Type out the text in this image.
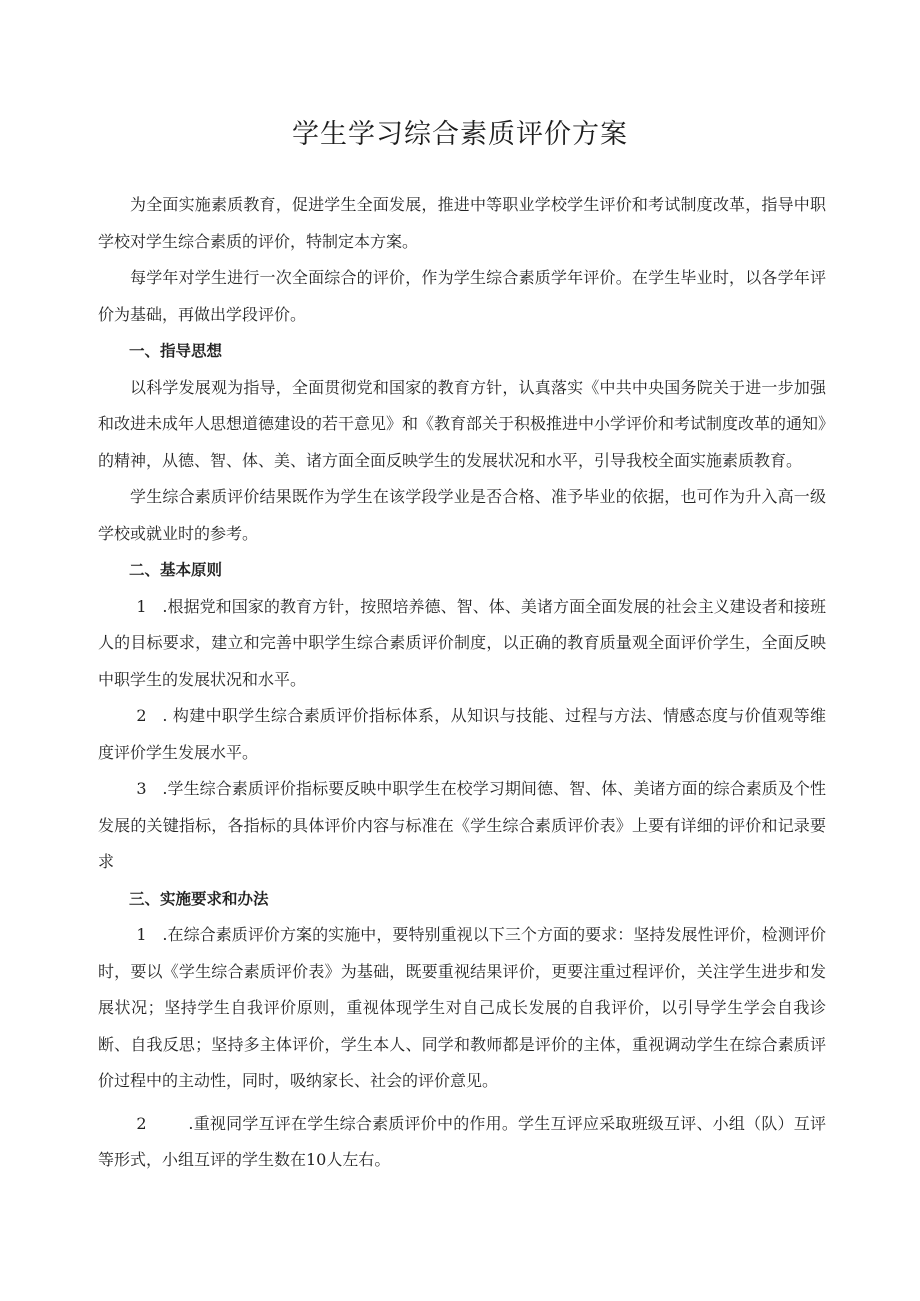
学生学习综合素质评价方案

为全面实施素质教育，促进学生全面发展，推进中等职业学校学生评价和考试制度改革，指导中职学校对学生综合素质的评价，特制定本方案。

每学年对学生进行一次全面综合的评价，作为学生综合素质学年评价。在学生毕业时，以各学年评价为基础，再做出学段评价。

一、指导思想

以科学发展观为指导，全面贯彻党和国家的教育方针，认真落实《中共中央国务院关于进一步加强和改进未成年人思想道德建设的若干意见》和《教育部关于积极推进中小学评价和考试制度改革的通知》的精神，从德、智、体、美、诸方面全面反映学生的发展状况和水平，引导我校全面实施素质教育。

学生综合素质评价结果既作为学生在该学段学业是否合格、准予毕业的依据，也可作为升入高一级学校或就业时的参考。

二、基本原则

1 .根据党和国家的教育方针，按照培养德、智、体、美诸方面全面发展的社会主义建设者和接班人的目标要求，建立和完善中职学生综合素质评价制度，以正确的教育质量观全面评价学生，全面反映中职学生的发展状况和水平。

2 . 构建中职学生综合素质评价指标体系，从知识与技能、过程与方法、情感态度与价值观等维度评价学生发展水平。

3 .学生综合素质评价指标要反映中职学生在校学习期间德、智、体、美诸方面的综合素质及个性发展的关键指标，各指标的具体评价内容与标准在《学生综合素质评价表》上要有详细的评价和记录要求

三、实施要求和办法

1 .在综合素质评价方案的实施中，要特别重视以下三个方面的要求：坚持发展性评价，检测评价时，要以《学生综合素质评价表》为基础，既要重视结果评价，更要注重过程评价，关注学生进步和发展状况；坚持学生自我评价原则，重视体现学生对自己成长发展的自我评价，以引导学生学会自我诊断、自我反思；坚持多主体评价，学生本人、同学和教师都是评价的主体，重视调动学生在综合素质评价过程中的主动性，同时，吸纳家长、社会的评价意见。

2	.重视同学互评在学生综合素质评价中的作用。学生互评应采取班级互评、小组（队）互评等形式，小组互评的学生数在10人左右。
